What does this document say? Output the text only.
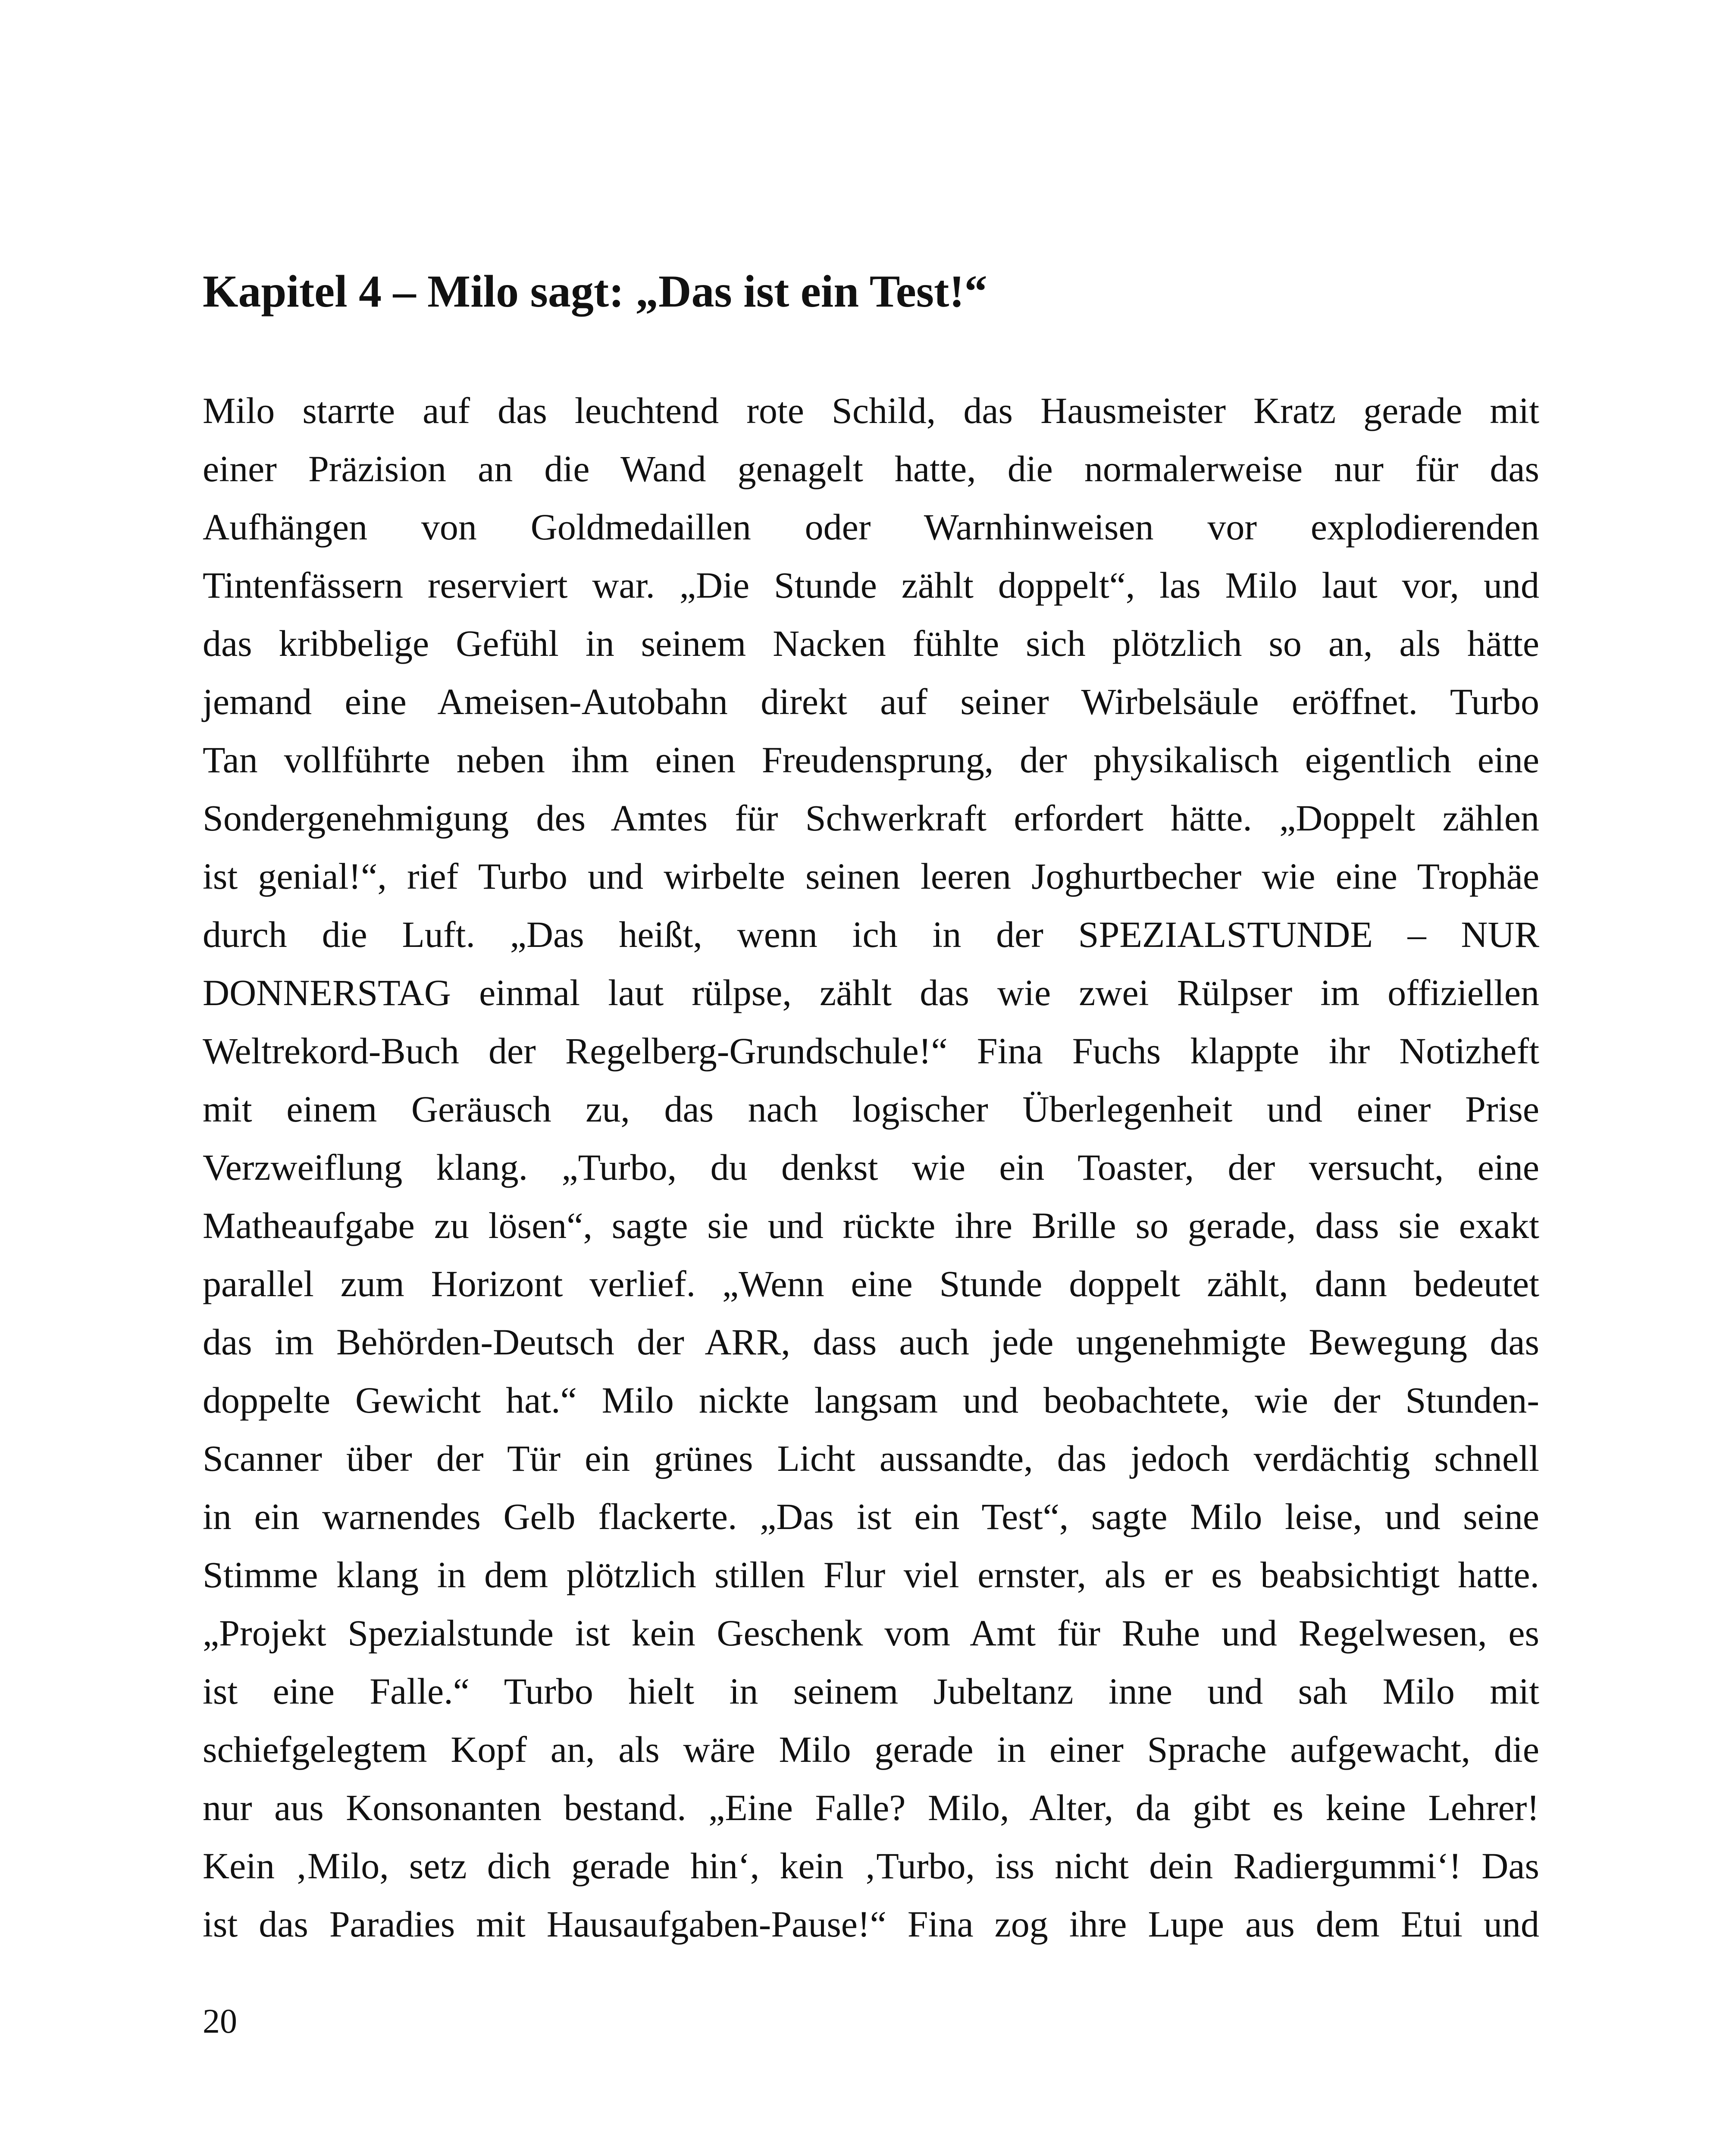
Kapitel 4 – Milo sagt: „Das ist ein Test!“
Milo starrte auf das leuchtend rote Schild, das Hausmeister Kratz gerade mit
einer Präzision an die Wand genagelt hatte, die normalerweise nur für das
Aufhängen von Goldmedaillen oder Warnhinweisen vor explodierenden
Tintenfässern reserviert war. „Die Stunde zählt doppelt“, las Milo laut vor, und
das kribbelige Gefühl in seinem Nacken fühlte sich plötzlich so an, als hätte
jemand eine Ameisen-Autobahn direkt auf seiner Wirbelsäule eröffnet. Turbo
Tan vollführte neben ihm einen Freudensprung, der physikalisch eigentlich eine
Sondergenehmigung des Amtes für Schwerkraft erfordert hätte. „Doppelt zählen
ist genial!“, rief Turbo und wirbelte seinen leeren Joghurtbecher wie eine Trophäe
durch die Luft. „Das heißt, wenn ich in der SPEZIALSTUNDE – NUR
DONNERSTAG einmal laut rülpse, zählt das wie zwei Rülpser im offiziellen
Weltrekord-Buch der Regelberg-Grundschule!“ Fina Fuchs klappte ihr Notizheft
mit einem Geräusch zu, das nach logischer Überlegenheit und einer Prise
Verzweiflung klang. „Turbo, du denkst wie ein Toaster, der versucht, eine
Matheaufgabe zu lösen“, sagte sie und rückte ihre Brille so gerade, dass sie exakt
parallel zum Horizont verlief. „Wenn eine Stunde doppelt zählt, dann bedeutet
das im Behörden-Deutsch der ARR, dass auch jede ungenehmigte Bewegung das
doppelte Gewicht hat.“ Milo nickte langsam und beobachtete, wie der Stunden-
Scanner über der Tür ein grünes Licht aussandte, das jedoch verdächtig schnell
in ein warnendes Gelb flackerte. „Das ist ein Test“, sagte Milo leise, und seine
Stimme klang in dem plötzlich stillen Flur viel ernster, als er es beabsichtigt hatte.
„Projekt Spezialstunde ist kein Geschenk vom Amt für Ruhe und Regelwesen, es
ist eine Falle.“ Turbo hielt in seinem Jubeltanz inne und sah Milo mit
schiefgelegtem Kopf an, als wäre Milo gerade in einer Sprache aufgewacht, die
nur aus Konsonanten bestand. „Eine Falle? Milo, Alter, da gibt es keine Lehrer!
Kein ‚Milo, setz dich gerade hin‘, kein ‚Turbo, iss nicht dein Radiergummi‘! Das
ist das Paradies mit Hausaufgaben-Pause!“ Fina zog ihre Lupe aus dem Etui und

20
